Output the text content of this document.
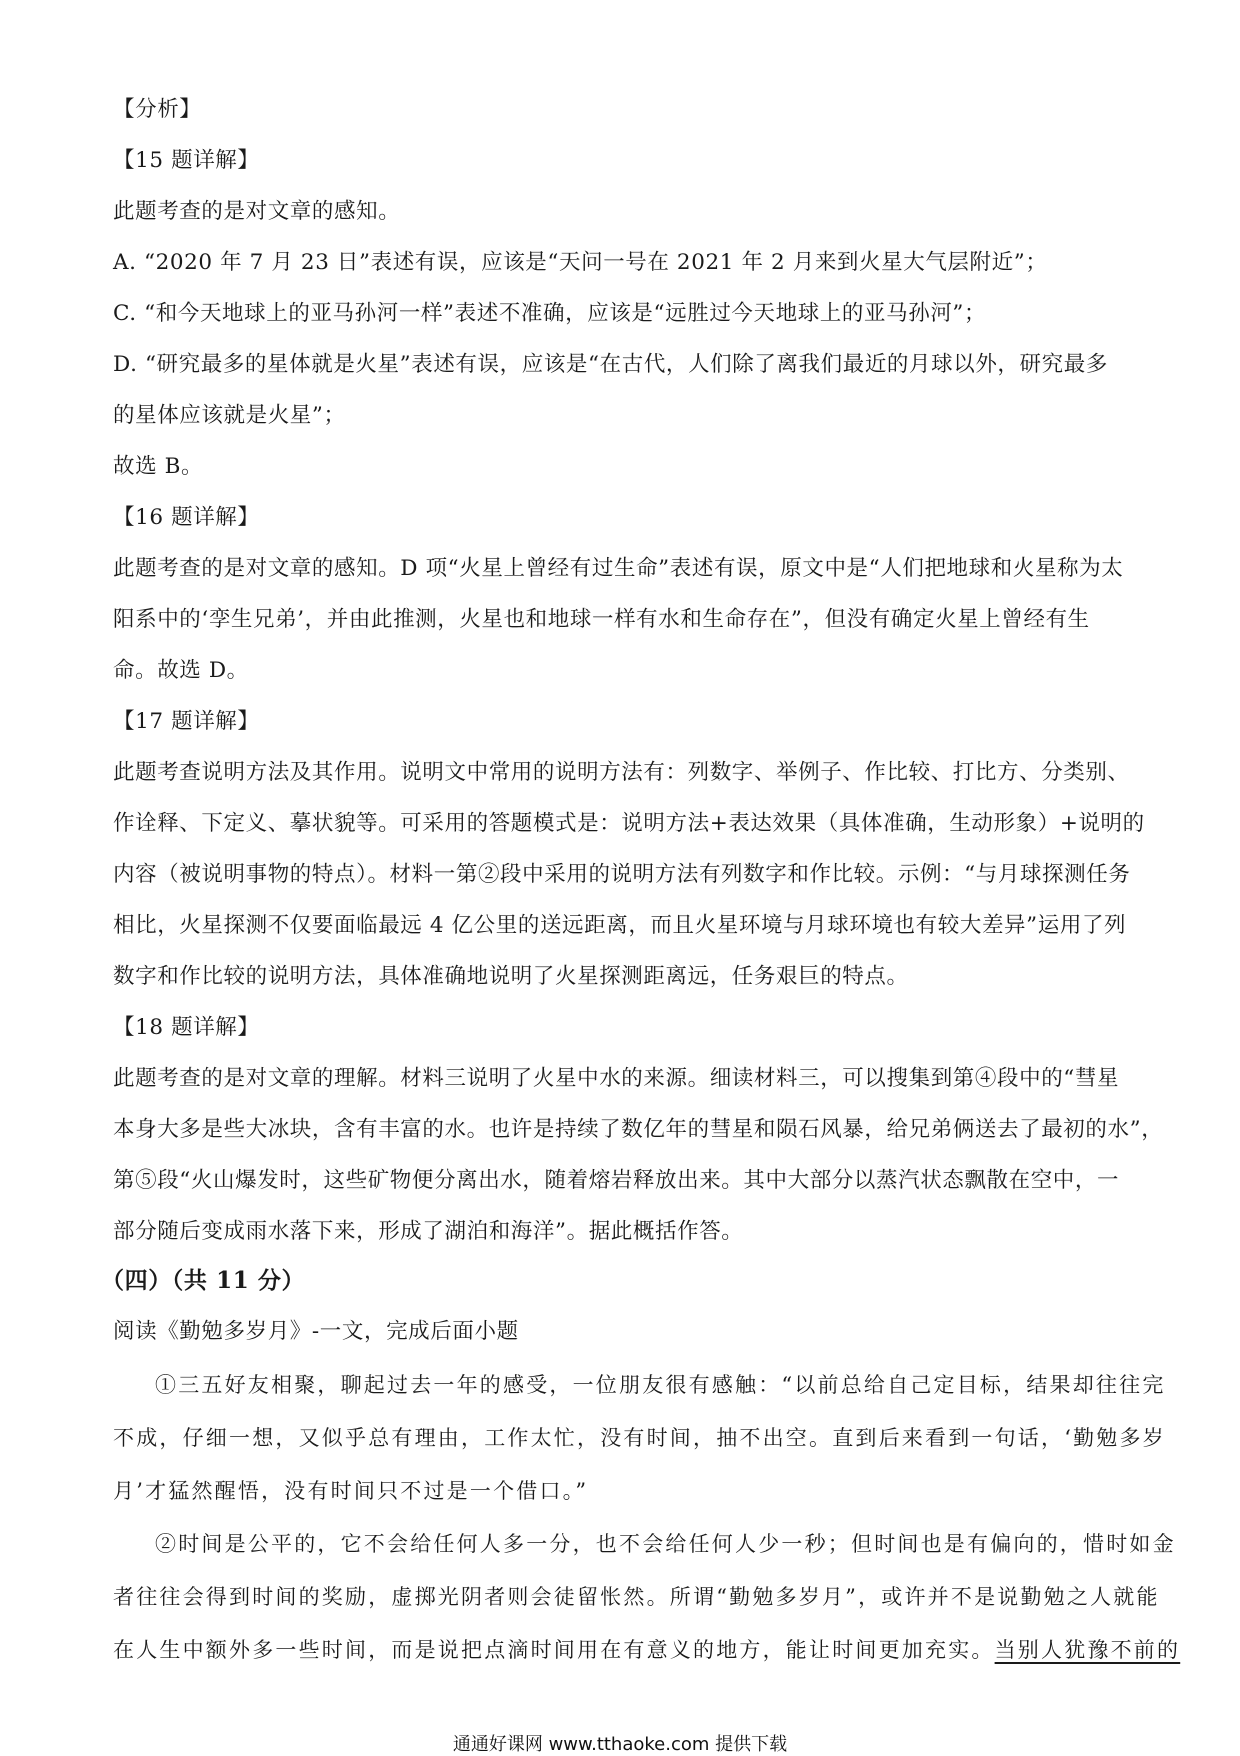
【分析】
【15 题详解】
此题考查的是对文章的感知。
A. “2020 年 7 月 23 日”表述有误，应该是“天问一号在 2021 年 2 月来到火星大气层附近”；
C. “和今天地球上的亚马孙河一样”表述不准确，应该是“远胜过今天地球上的亚马孙河”；
D. “研究最多的星体就是火星”表述有误，应该是“在古代，人们除了离我们最近的月球以外，研究最多
的星体应该就是火星”；
故选 B。
【16 题详解】
此题考查的是对文章的感知。D 项“火星上曾经有过生命”表述有误，原文中是“人们把地球和火星称为太
阳系中的‘孪生兄弟’，并由此推测，火星也和地球一样有水和生命存在”，但没有确定火星上曾经有生
命。故选 D。
【17 题详解】
此题考查说明方法及其作用。说明文中常用的说明方法有：列数字、举例子、作比较、打比方、分类别、
作诠释、下定义、摹状貌等。可采用的答题模式是：说明方法+表达效果（具体准确，生动形象）+说明的
内容（被说明事物的特点）。材料一第②段中采用的说明方法有列数字和作比较。示例：“与月球探测任务
相比，火星探测不仅要面临最远 4 亿公里的送远距离，而且火星环境与月球环境也有较大差异”运用了列
数字和作比较的说明方法，具体准确地说明了火星探测距离远，任务艰巨的特点。
【18 题详解】
此题考查的是对文章的理解。材料三说明了火星中水的来源。细读材料三，可以搜集到第④段中的“彗星
本身大多是些大冰块，含有丰富的水。也许是持续了数亿年的彗星和陨石风暴，给兄弟俩送去了最初的水”，
第⑤段“火山爆发时，这些矿物便分离出水，随着熔岩释放出来。其中大部分以蒸汽状态飘散在空中，一
部分随后变成雨水落下来，形成了湖泊和海洋”。据此概括作答。
（四）（共 11 分）
阅读《勤勉多岁月》-一文，完成后面小题
①三五好友相聚，聊起过去一年的感受，一位朋友很有感触：“以前总给自己定目标，结果却往往完
不成，仔细一想，又似乎总有理由，工作太忙，没有时间，抽不出空。直到后来看到一句话，‘勤勉多岁
月’才猛然醒悟，没有时间只不过是一个借口。”
②时间是公平的，它不会给任何人多一分，也不会给任何人少一秒；但时间也是有偏向的，惜时如金
者往往会得到时间的奖励，虚掷光阴者则会徒留怅然。所谓“勤勉多岁月”，或许并不是说勤勉之人就能
在人生中额外多一些时间，而是说把点滴时间用在有意义的地方，能让时间更加充实。当别人犹豫不前的
通通好课网 www.tthaoke.com 提供下载
